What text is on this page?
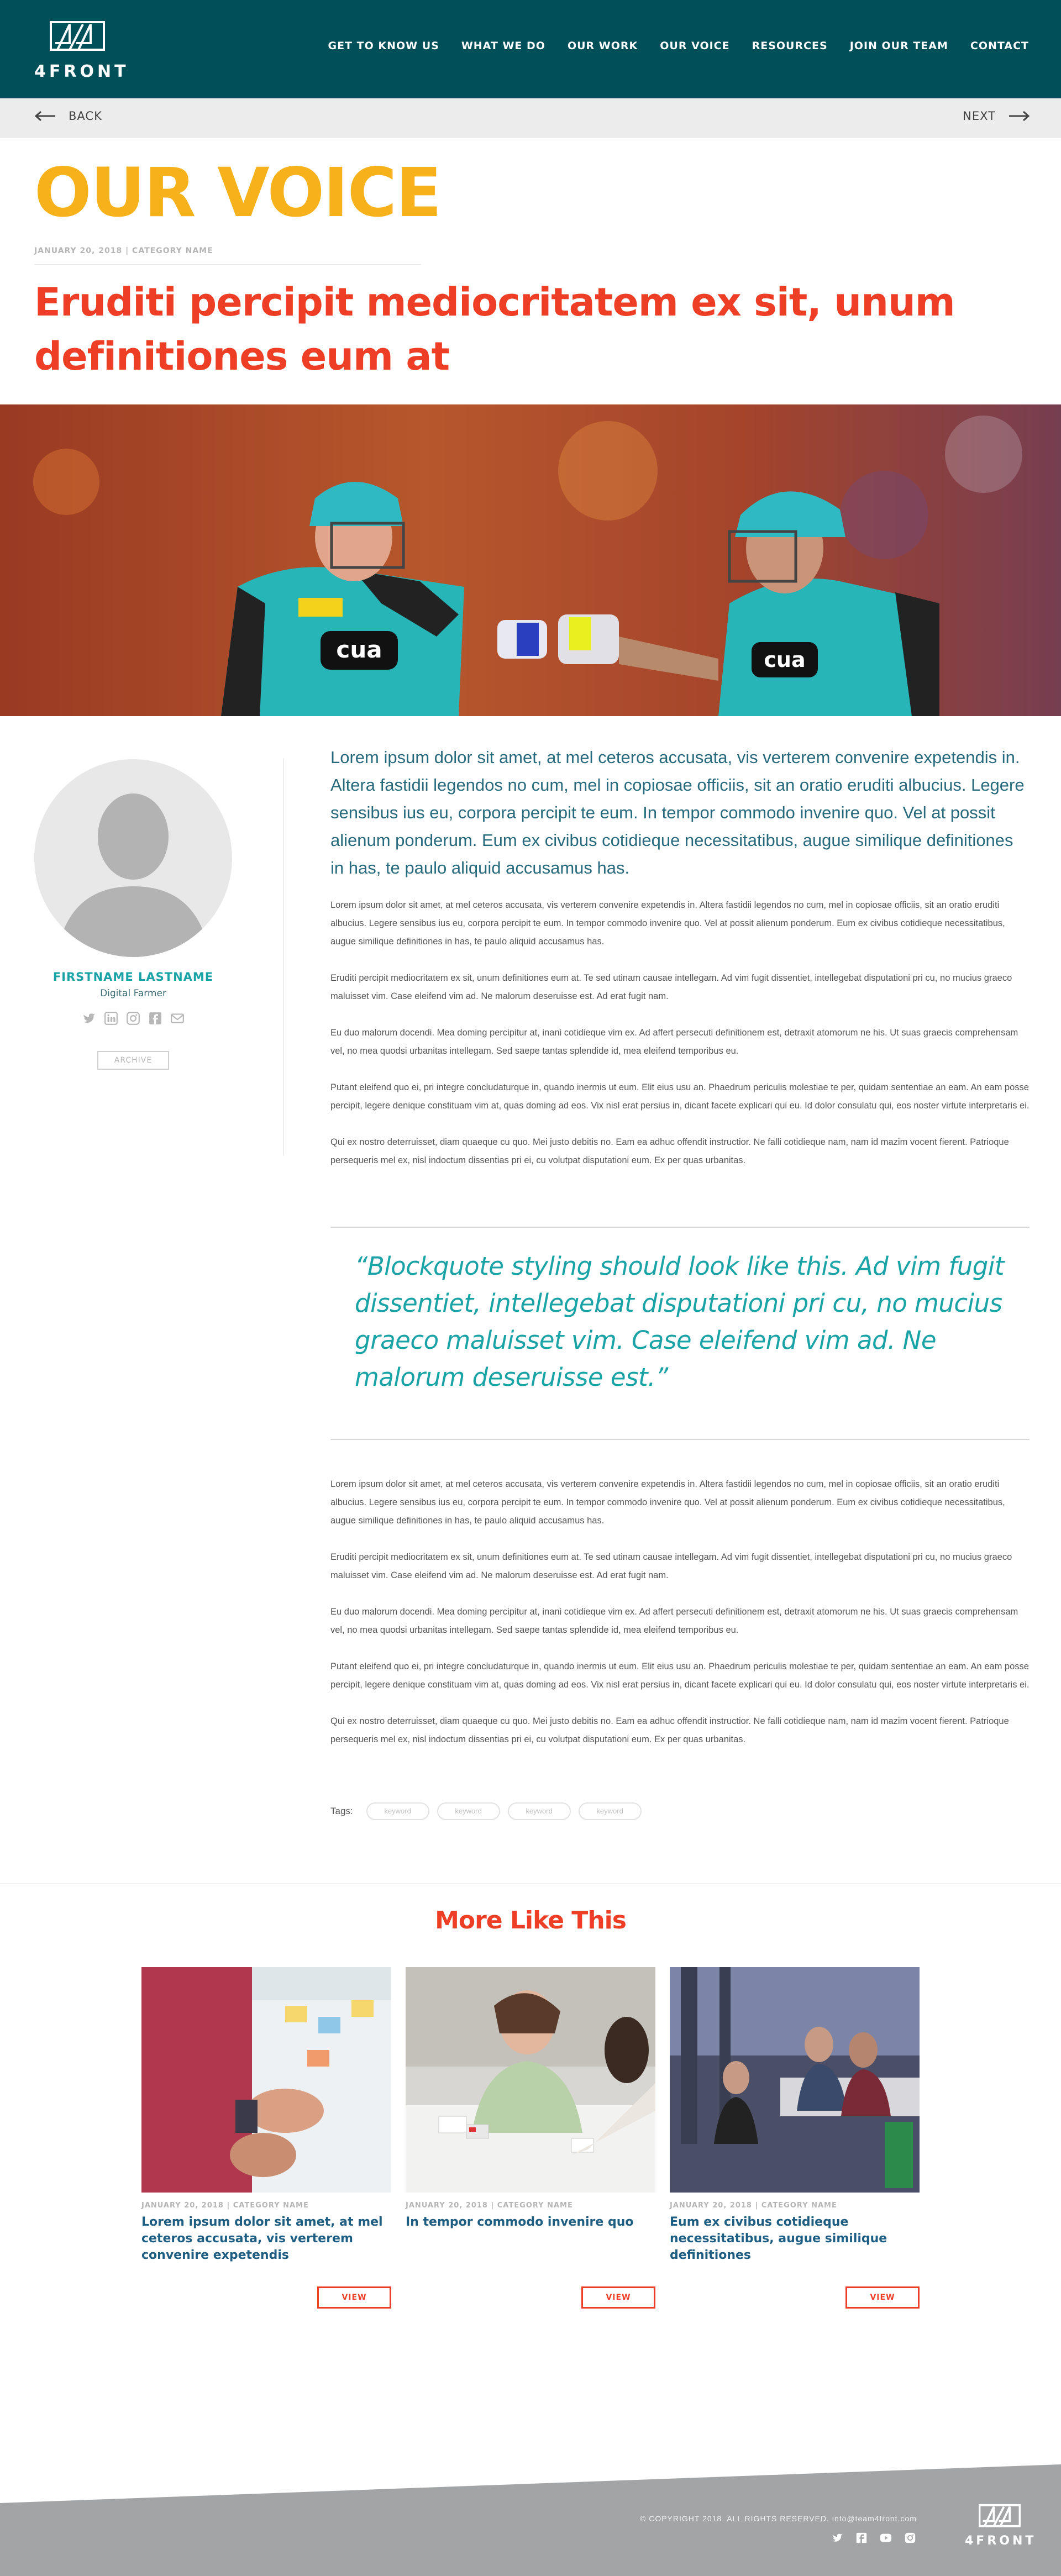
4FRONT
GET TO KNOW US WHAT WE DO OUR WORK OUR VOICE RESOURCES JOIN OUR TEAM CONTACT
BACK	NEXT
OUR VOICE
JANUARY 20, 2018 | CATEGORY NAME
Eruditi percipit mediocritatem ex sit, unum definitiones eum at
cua	cua
FIRSTNAME LASTNAME
Digital Farmer
ARCHIVE

Lorem ipsum dolor sit amet, at mel ceteros accusata, vis verterem convenire expetendis in. Altera fastidii legendos no cum, mel in copiosae officiis, sit an oratio eruditi albucius. Legere sensibus ius eu, corpora percipit te eum. In tempor commodo invenire quo. Vel at possit alienum ponderum. Eum ex civibus cotidieque necessitatibus, augue similique definitiones in has, te paulo aliquid accusamus has.

Lorem ipsum dolor sit amet, at mel ceteros accusata, vis verterem convenire expetendis in. Altera fastidii legendos no cum, mel in copiosae officiis, sit an oratio eruditi albucius. Legere sensibus ius eu, corpora percipit te eum. In tempor commodo invenire quo. Vel at possit alienum ponderum. Eum ex civibus cotidieque necessitatibus, augue similique definitiones in has, te paulo aliquid accusamus has.

Eruditi percipit mediocritatem ex sit, unum definitiones eum at. Te sed utinam causae intellegam. Ad vim fugit dissentiet, intellegebat disputationi pri cu, no mucius graeco maluisset vim. Case eleifend vim ad. Ne malorum deseruisse est. Ad erat fugit nam.

Eu duo malorum docendi. Mea doming percipitur at, inani cotidieque vim ex. Ad affert persecuti definitionem est, detraxit atomorum ne his. Ut suas graecis comprehensam vel, no mea quodsi urbanitas intellegam. Sed saepe tantas splendide id, mea eleifend temporibus eu.

Putant eleifend quo ei, pri integre concludaturque in, quando inermis ut eum. Elit eius usu an. Phaedrum periculis molestiae te per, quidam sententiae an eam. An eam posse percipit, legere denique constituam vim at, quas doming ad eos. Vix nisl erat persius in, dicant facete explicari qui eu. Id dolor consulatu qui, eos noster virtute interpretaris ei.

Qui ex nostro deterruisset, diam quaeque cu quo. Mei justo debitis no. Eam ea adhuc offendit instructior. Ne falli cotidieque nam, nam id mazim vocent fierent. Patrioque persequeris mel ex, nisl indoctum dissentias pri ei, cu volutpat disputationi eum. Ex per quas urbanitas.

“Blockquote styling should look like this. Ad vim fugit dissentiet, intellegebat disputationi pri cu, no mucius graeco maluisset vim. Case eleifend vim ad. Ne malorum deseruisse est.”

Lorem ipsum dolor sit amet, at mel ceteros accusata, vis verterem convenire expetendis in. Altera fastidii legendos no cum, mel in copiosae officiis, sit an oratio eruditi albucius. Legere sensibus ius eu, corpora percipit te eum. In tempor commodo invenire quo. Vel at possit alienum ponderum. Eum ex civibus cotidieque necessitatibus, augue similique definitiones in has, te paulo aliquid accusamus has.

Eruditi percipit mediocritatem ex sit, unum definitiones eum at. Te sed utinam causae intellegam. Ad vim fugit dissentiet, intellegebat disputationi pri cu, no mucius graeco maluisset vim. Case eleifend vim ad. Ne malorum deseruisse est. Ad erat fugit nam.

Eu duo malorum docendi. Mea doming percipitur at, inani cotidieque vim ex. Ad affert persecuti definitionem est, detraxit atomorum ne his. Ut suas graecis comprehensam vel, no mea quodsi urbanitas intellegam. Sed saepe tantas splendide id, mea eleifend temporibus eu.

Putant eleifend quo ei, pri integre concludaturque in, quando inermis ut eum. Elit eius usu an. Phaedrum periculis molestiae te per, quidam sententiae an eam. An eam posse percipit, legere denique constituam vim at, quas doming ad eos. Vix nisl erat persius in, dicant facete explicari qui eu. Id dolor consulatu qui, eos noster virtute interpretaris ei.

Qui ex nostro deterruisset, diam quaeque cu quo. Mei justo debitis no. Eam ea adhuc offendit instructior. Ne falli cotidieque nam, nam id mazim vocent fierent. Patrioque persequeris mel ex, nisl indoctum dissentias pri ei, cu volutpat disputationi eum. Ex per quas urbanitas.

Tags:	keyword	keyword	keyword	keyword
More Like This
JANUARY 20, 2018 | CATEGORY NAME
Lorem ipsum dolor sit amet, at mel ceteros accusata, vis verterem convenire expetendis
VIEW
JANUARY 20, 2018 | CATEGORY NAME
In tempor commodo invenire quo
VIEW
JANUARY 20, 2018 | CATEGORY NAME
Eum ex civibus cotidieque necessitatibus, augue similique definitiones
VIEW
© COPYRIGHT 2018. ALL RIGHTS RESERVED. info@team4front.com
4FRONT
